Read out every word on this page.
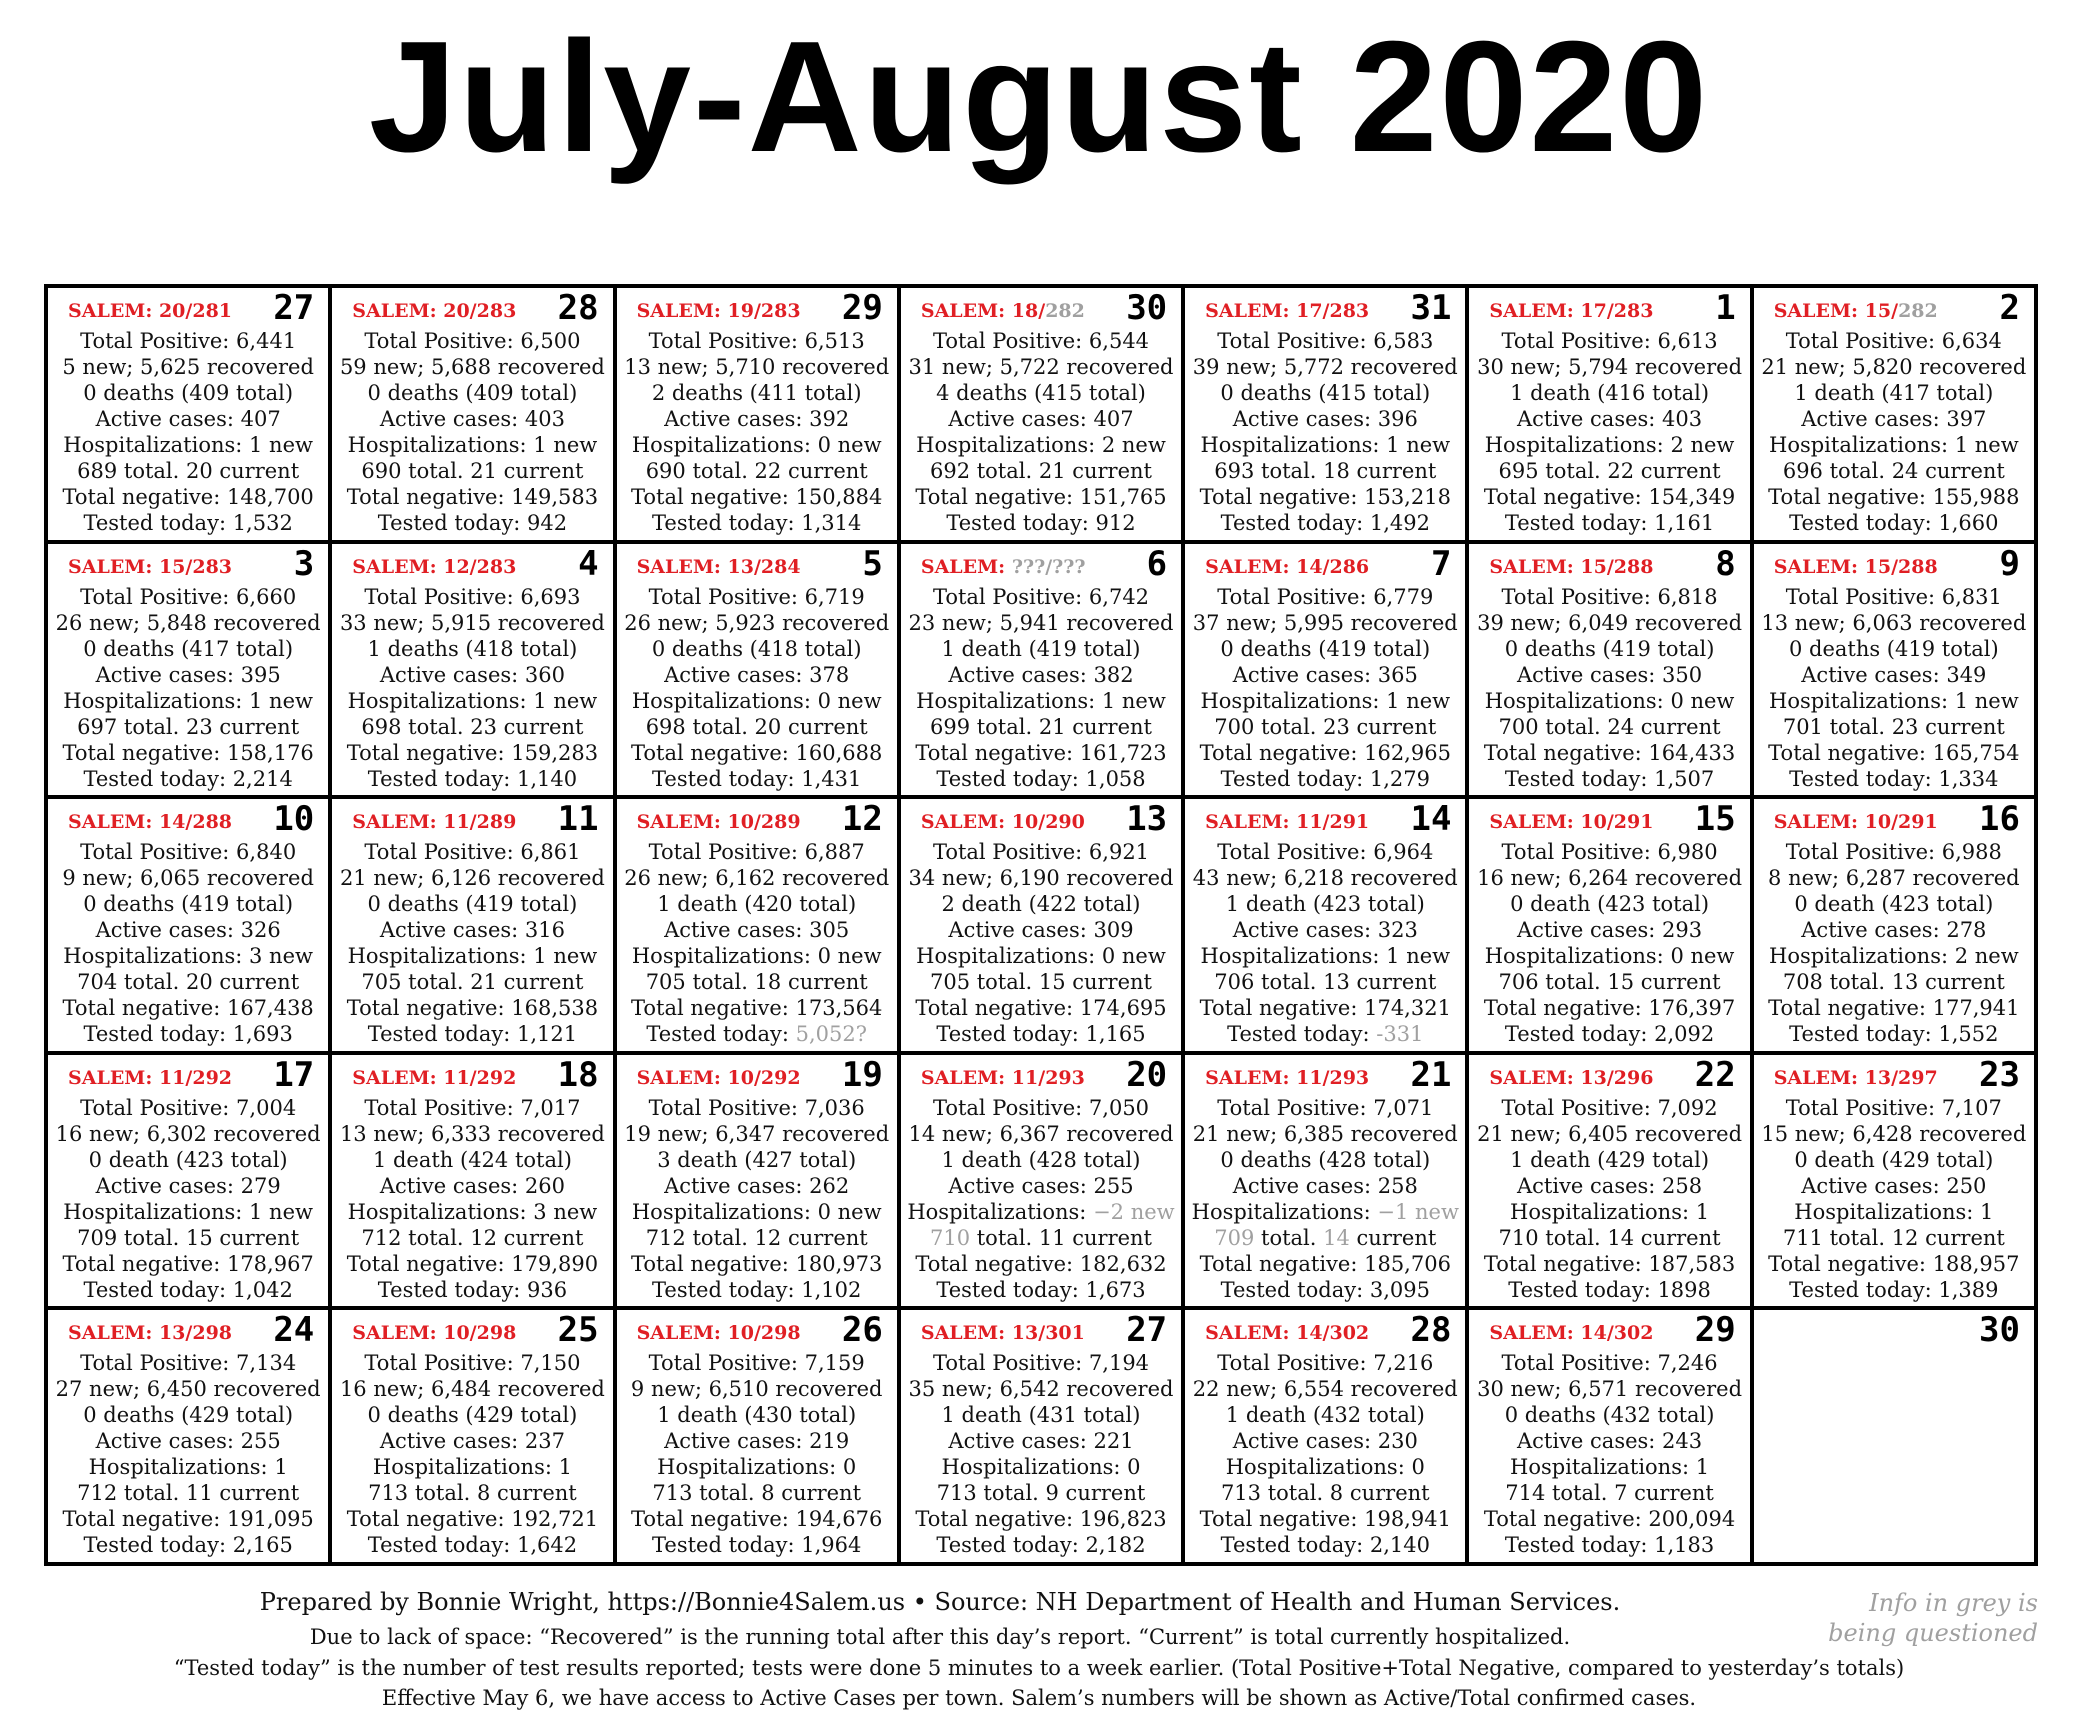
July-August 2020
27
SALEM: 20/281
Total Positive: 6,441
5 new; 5,625 recovered
0 deaths (409 total)
Active cases: 407
Hospitalizations: 1 new
689 total. 20 current
Total negative: 148,700
Tested today: 1,532
28
SALEM: 20/283
Total Positive: 6,500
59 new; 5,688 recovered
0 deaths (409 total)
Active cases: 403
Hospitalizations: 1 new
690 total. 21 current
Total negative: 149,583
Tested today: 942
29
SALEM: 19/283
Total Positive: 6,513
13 new; 5,710 recovered
2 deaths (411 total)
Active cases: 392
Hospitalizations: 0 new
690 total. 22 current
Total negative: 150,884
Tested today: 1,314
30
SALEM: 18/282
Total Positive: 6,544
31 new; 5,722 recovered
4 deaths (415 total)
Active cases: 407
Hospitalizations: 2 new
692 total. 21 current
Total negative: 151,765
Tested today: 912
31
SALEM: 17/283
Total Positive: 6,583
39 new; 5,772 recovered
0 deaths (415 total)
Active cases: 396
Hospitalizations: 1 new
693 total. 18 current
Total negative: 153,218
Tested today: 1,492
1
SALEM: 17/283
Total Positive: 6,613
30 new; 5,794 recovered
1 death (416 total)
Active cases: 403
Hospitalizations: 2 new
695 total. 22 current
Total negative: 154,349
Tested today: 1,161
2
SALEM: 15/282
Total Positive: 6,634
21 new; 5,820 recovered
1 death (417 total)
Active cases: 397
Hospitalizations: 1 new
696 total. 24 current
Total negative: 155,988
Tested today: 1,660
3
SALEM: 15/283
Total Positive: 6,660
26 new; 5,848 recovered
0 deaths (417 total)
Active cases: 395
Hospitalizations: 1 new
697 total. 23 current
Total negative: 158,176
Tested today: 2,214
4
SALEM: 12/283
Total Positive: 6,693
33 new; 5,915 recovered
1 deaths (418 total)
Active cases: 360
Hospitalizations: 1 new
698 total. 23 current
Total negative: 159,283
Tested today: 1,140
5
SALEM: 13/284
Total Positive: 6,719
26 new; 5,923 recovered
0 deaths (418 total)
Active cases: 378
Hospitalizations: 0 new
698 total. 20 current
Total negative: 160,688
Tested today: 1,431
6
SALEM: ???/???
Total Positive: 6,742
23 new; 5,941 recovered
1 death (419 total)
Active cases: 382
Hospitalizations: 1 new
699 total. 21 current
Total negative: 161,723
Tested today: 1,058
7
SALEM: 14/286
Total Positive: 6,779
37 new; 5,995 recovered
0 deaths (419 total)
Active cases: 365
Hospitalizations: 1 new
700 total. 23 current
Total negative: 162,965
Tested today: 1,279
8
SALEM: 15/288
Total Positive: 6,818
39 new; 6,049 recovered
0 deaths (419 total)
Active cases: 350
Hospitalizations: 0 new
700 total. 24 current
Total negative: 164,433
Tested today: 1,507
9
SALEM: 15/288
Total Positive: 6,831
13 new; 6,063 recovered
0 deaths (419 total)
Active cases: 349
Hospitalizations: 1 new
701 total. 23 current
Total negative: 165,754
Tested today: 1,334
10
SALEM: 14/288
Total Positive: 6,840
9 new; 6,065 recovered
0 deaths (419 total)
Active cases: 326
Hospitalizations: 3 new
704 total. 20 current
Total negative: 167,438
Tested today: 1,693
11
SALEM: 11/289
Total Positive: 6,861
21 new; 6,126 recovered
0 deaths (419 total)
Active cases: 316
Hospitalizations: 1 new
705 total. 21 current
Total negative: 168,538
Tested today: 1,121
12
SALEM: 10/289
Total Positive: 6,887
26 new; 6,162 recovered
1 death (420 total)
Active cases: 305
Hospitalizations: 0 new
705 total. 18 current
Total negative: 173,564
Tested today: 5,052?
13
SALEM: 10/290
Total Positive: 6,921
34 new; 6,190 recovered
2 death (422 total)
Active cases: 309
Hospitalizations: 0 new
705 total. 15 current
Total negative: 174,695
Tested today: 1,165
14
SALEM: 11/291
Total Positive: 6,964
43 new; 6,218 recovered
1 death (423 total)
Active cases: 323
Hospitalizations: 1 new
706 total. 13 current
Total negative: 174,321
Tested today: -331
15
SALEM: 10/291
Total Positive: 6,980
16 new; 6,264 recovered
0 death (423 total)
Active cases: 293
Hospitalizations: 0 new
706 total. 15 current
Total negative: 176,397
Tested today: 2,092
16
SALEM: 10/291
Total Positive: 6,988
8 new; 6,287 recovered
0 death (423 total)
Active cases: 278
Hospitalizations: 2 new
708 total. 13 current
Total negative: 177,941
Tested today: 1,552
17
SALEM: 11/292
Total Positive: 7,004
16 new; 6,302 recovered
0 death (423 total)
Active cases: 279
Hospitalizations: 1 new
709 total. 15 current
Total negative: 178,967
Tested today: 1,042
18
SALEM: 11/292
Total Positive: 7,017
13 new; 6,333 recovered
1 death (424 total)
Active cases: 260
Hospitalizations: 3 new
712 total. 12 current
Total negative: 179,890
Tested today: 936
19
SALEM: 10/292
Total Positive: 7,036
19 new; 6,347 recovered
3 death (427 total)
Active cases: 262
Hospitalizations: 0 new
712 total. 12 current
Total negative: 180,973
Tested today: 1,102
20
SALEM: 11/293
Total Positive: 7,050
14 new; 6,367 recovered
1 death (428 total)
Active cases: 255
Hospitalizations: −2 new
710 total. 11 current
Total negative: 182,632
Tested today: 1,673
21
SALEM: 11/293
Total Positive: 7,071
21 new; 6,385 recovered
0 deaths (428 total)
Active cases: 258
Hospitalizations: −1 new
709 total. 14 current
Total negative: 185,706
Tested today: 3,095
22
SALEM: 13/296
Total Positive: 7,092
21 new; 6,405 recovered
1 death (429 total)
Active cases: 258
Hospitalizations: 1
710 total. 14 current
Total negative: 187,583
Tested today: 1898
23
SALEM: 13/297
Total Positive: 7,107
15 new; 6,428 recovered
0 death (429 total)
Active cases: 250
Hospitalizations: 1
711 total. 12 current
Total negative: 188,957
Tested today: 1,389
24
SALEM: 13/298
Total Positive: 7,134
27 new; 6,450 recovered
0 deaths (429 total)
Active cases: 255
Hospitalizations: 1
712 total. 11 current
Total negative: 191,095
Tested today: 2,165
25
SALEM: 10/298
Total Positive: 7,150
16 new; 6,484 recovered
0 deaths (429 total)
Active cases: 237
Hospitalizations: 1
713 total. 8 current
Total negative: 192,721
Tested today: 1,642
26
SALEM: 10/298
Total Positive: 7,159
9 new; 6,510 recovered
1 death (430 total)
Active cases: 219
Hospitalizations: 0
713 total. 8 current
Total negative: 194,676
Tested today: 1,964
27
SALEM: 13/301
Total Positive: 7,194
35 new; 6,542 recovered
1 death (431 total)
Active cases: 221
Hospitalizations: 0
713 total. 9 current
Total negative: 196,823
Tested today: 2,182
28
SALEM: 14/302
Total Positive: 7,216
22 new; 6,554 recovered
1 death (432 total)
Active cases: 230
Hospitalizations: 0
713 total. 8 current
Total negative: 198,941
Tested today: 2,140
29
SALEM: 14/302
Total Positive: 7,246
30 new; 6,571 recovered
0 deaths (432 total)
Active cases: 243
Hospitalizations: 1
714 total. 7 current
Total negative: 200,094
Tested today: 1,183
30
Prepared by Bonnie Wright, https://Bonnie4Salem.us • Source: NH Department of Health and Human Services.
Due to lack of space: “Recovered” is the running total after this day’s report. “Current” is total currently hospitalized.
“Tested today” is the number of test results reported; tests were done 5 minutes to a week earlier. (Total Positive+Total Negative, compared to yesterday’s totals)
Effective May 6, we have access to Active Cases per town. Salem’s numbers will be shown as Active/Total confirmed cases.
Info in grey is
being questioned
